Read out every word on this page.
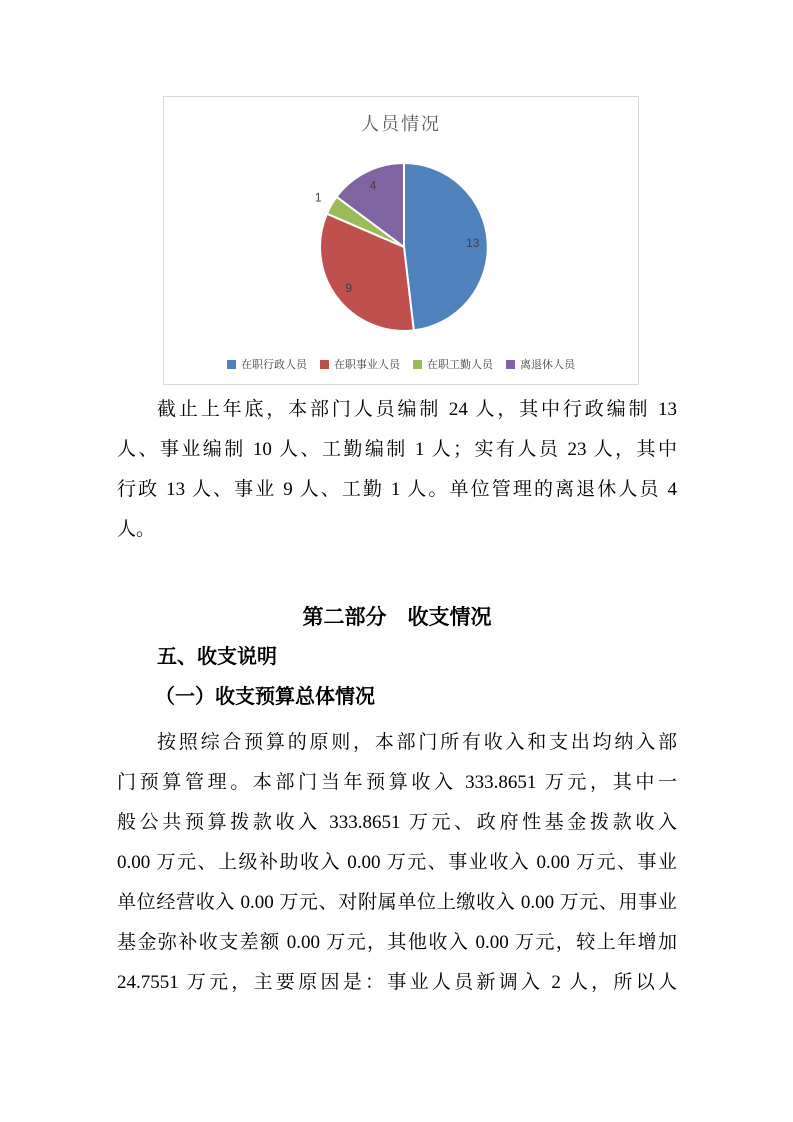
人员情况
13
9
1
4
在职行政人员 在职事业人员 在职工勤人员 离退休人员
截止上年底，本部门人员编制 24 人，其中行政编制 13
人、事业编制 10 人、工勤编制 1 人；实有人员 23 人，其中
行政 13 人、事业 9 人、工勤 1 人。单位管理的离退休人员 4
人。
第二部分　收支情况
五、收支说明
（一）收支预算总体情况
按照综合预算的原则，本部门所有收入和支出均纳入部
门预算管理。本部门当年预算收入 333.8651 万元，其中一
般公共预算拨款收入 333.8651 万元、政府性基金拨款收入
0.00 万元、上级补助收入 0.00 万元、事业收入 0.00 万元、事业
单位经营收入 0.00 万元、对附属单位上缴收入 0.00 万元、用事业
基金弥补收支差额 0.00 万元，其他收入 0.00 万元，较上年增加
24.7551 万元，主要原因是：事业人员新调入 2 人，所以人
